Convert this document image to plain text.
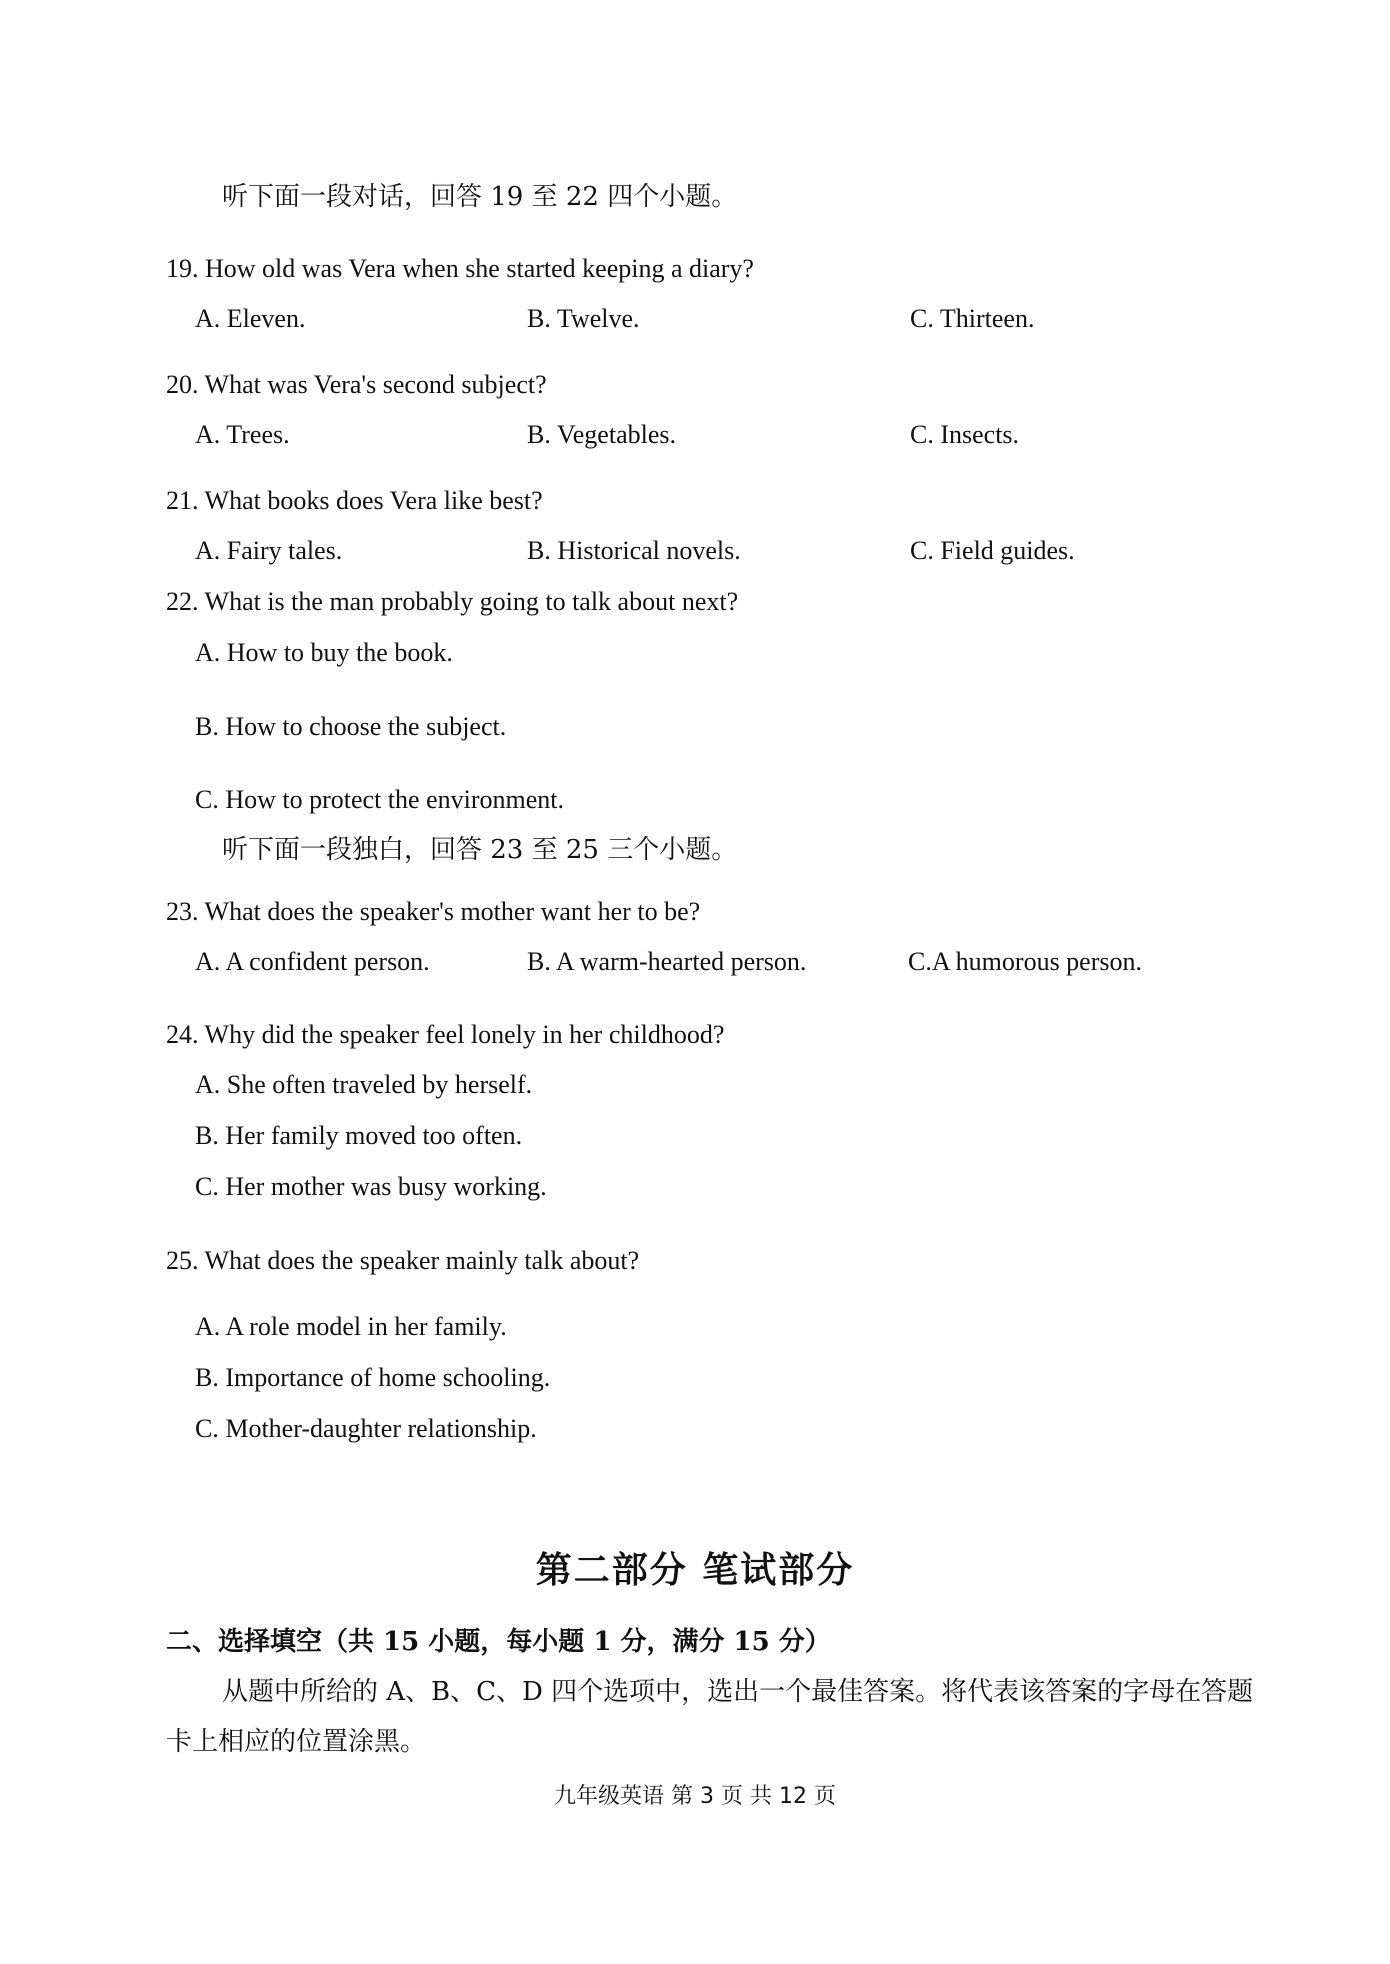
听下面一段对话，回答 19 至 22 四个小题。
19. How old was Vera when she started keeping a diary?
A. Eleven.	B. Twelve.	C. Thirteen.
20. What was Vera's second subject?
A. Trees.	B. Vegetables.	C. Insects.
21. What books does Vera like best?
A. Fairy tales.	B. Historical novels.	C. Field guides.
22. What is the man probably going to talk about next?
A. How to buy the book.
B. How to choose the subject.
C. How to protect the environment.
听下面一段独白，回答 23 至 25 三个小题。
23. What does the speaker's mother want her to be?
A. A confident person.	B. A warm-hearted person.	C.A humorous person.
24. Why did the speaker feel lonely in her childhood?
A. She often traveled by herself.
B. Her family moved too often.
C. Her mother was busy working.
25. What does the speaker mainly talk about?
A. A role model in her family.
B. Importance of home schooling.
C. Mother-daughter relationship.
第二部分 笔试部分
二、选择填空（共 15 小题，每小题 1 分，满分 15 分）
从题中所给的 A、B、C、D 四个选项中，选出一个最佳答案。将代表该答案的字母在答题卡上相应的位置涂黑。
九年级英语 第 3 页 共 12 页
